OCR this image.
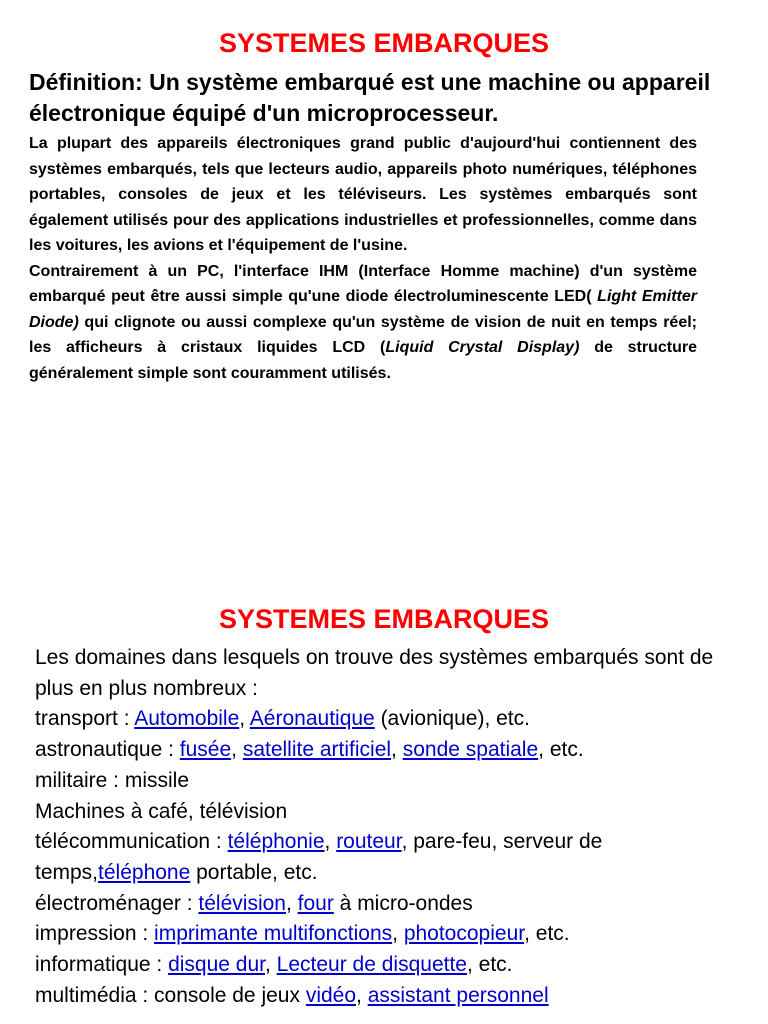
SYSTEMES EMBARQUES
Définition: Un système embarqué est une machine ou appareil électronique équipé d'un microprocesseur.

La plupart des appareils électroniques grand public d'aujourd'hui contiennent des systèmes embarqués, tels que lecteurs audio, appareils photo numériques, téléphones portables, consoles de jeux et les téléviseurs. Les systèmes embarqués sont également utilisés pour des applications industrielles et professionnelles, comme dans les voitures, les avions et l'équipement de l'usine.

Contrairement à un PC, l'interface IHM (Interface Homme machine) d'un système embarqué peut être aussi simple qu'une diode électroluminescente LED( Light Emitter Diode) qui clignote ou aussi complexe qu'un système de vision de nuit en temps réel; les afficheurs à cristaux liquides LCD (Liquid Crystal Display) de structure généralement simple sont couramment utilisés.

SYSTEMES EMBARQUES
Les domaines dans lesquels on trouve des systèmes embarqués sont de plus en plus nombreux :
transport : Automobile, Aéronautique (avionique), etc.
astronautique : fusée, satellite artificiel, sonde spatiale, etc.
militaire : missile
Machines à café, télévision
télécommunication : téléphonie, routeur, pare-feu, serveur de
temps,téléphone portable, etc.
électroménager : télévision, four à micro-ondes
impression : imprimante multifonctions, photocopieur, etc.
informatique : disque dur, Lecteur de disquette, etc.
multimédia : console de jeux vidéo, assistant personnel
